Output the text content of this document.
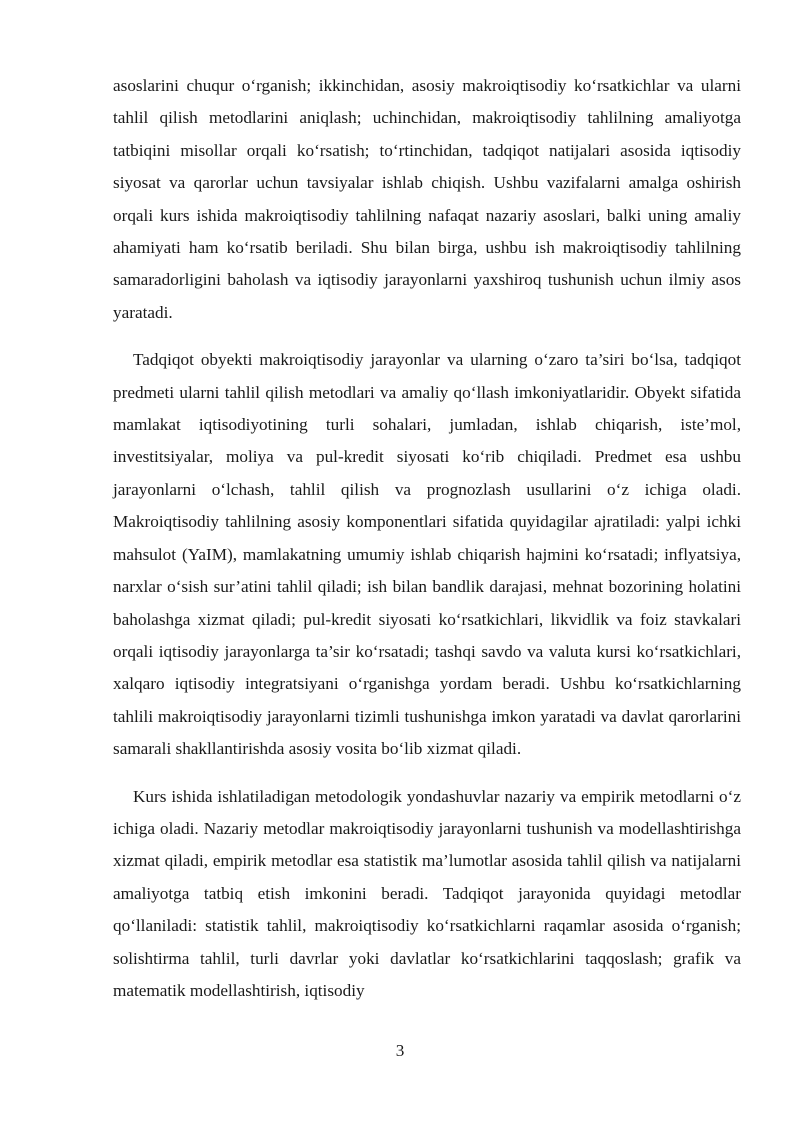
asoslarini chuqur o‘rganish; ikkinchidan, asosiy makroiqtisodiy ko‘rsatkichlar va ularni tahlil qilish metodlarini aniqlash; uchinchidan, makroiqtisodiy tahlilning amaliyotga tatbiqini misollar orqali ko‘rsatish; to‘rtinchidan, tadqiqot natijalari asosida iqtisodiy siyosat va qarorlar uchun tavsiyalar ishlab chiqish. Ushbu vazifalarni amalga oshirish orqali kurs ishida makroiqtisodiy tahlilning nafaqat nazariy asoslari, balki uning amaliy ahamiyati ham ko‘rsatib beriladi. Shu bilan birga, ushbu ish makroiqtisodiy tahlilning samaradorligini baholash va iqtisodiy jarayonlarni yaxshiroq tushunish uchun ilmiy asos yaratadi.

Tadqiqot obyekti makroiqtisodiy jarayonlar va ularning o‘zaro ta’siri bo‘lsa, tadqiqot predmeti ularni tahlil qilish metodlari va amaliy qo‘llash imkoniyatlaridir. Obyekt sifatida mamlakat iqtisodiyotining turli sohalari, jumladan, ishlab chiqarish, iste’mol, investitsiyalar, moliya va pul-kredit siyosati ko‘rib chiqiladi. Predmet esa ushbu jarayonlarni o‘lchash, tahlil qilish va prognozlash usullarini o‘z ichiga oladi. Makroiqtisodiy tahlilning asosiy komponentlari sifatida quyidagilar ajratiladi: yalpi ichki mahsulot (YaIM), mamlakatning umumiy ishlab chiqarish hajmini ko‘rsatadi; inflyatsiya, narxlar o‘sish sur’atini tahlil qiladi; ish bilan bandlik darajasi, mehnat bozorining holatini baholashga xizmat qiladi; pul-kredit siyosati ko‘rsatkichlari, likvidlik va foiz stavkalari orqali iqtisodiy jarayonlarga ta’sir ko‘rsatadi; tashqi savdo va valuta kursi ko‘rsatkichlari, xalqaro iqtisodiy integratsiyani o‘rganishga yordam beradi. Ushbu ko‘rsatkichlarning tahlili makroiqtisodiy jarayonlarni tizimli tushunishga imkon yaratadi va davlat qarorlarini samarali shakllantirishda asosiy vosita bo‘lib xizmat qiladi.

Kurs ishida ishlatiladigan metodologik yondashuvlar nazariy va empirik metodlarni o‘z ichiga oladi. Nazariy metodlar makroiqtisodiy jarayonlarni tushunish va modellashtirishga xizmat qiladi, empirik metodlar esa statistik ma’lumotlar asosida tahlil qilish va natijalarni amaliyotga tatbiq etish imkonini beradi. Tadqiqot jarayonida quyidagi metodlar qo‘llaniladi: statistik tahlil, makroiqtisodiy ko‘rsatkichlarni raqamlar asosida o‘rganish; solishtirma tahlil, turli davrlar yoki davlatlar ko‘rsatkichlarini taqqoslash; grafik va matematik modellashtirish, iqtisodiy

3
